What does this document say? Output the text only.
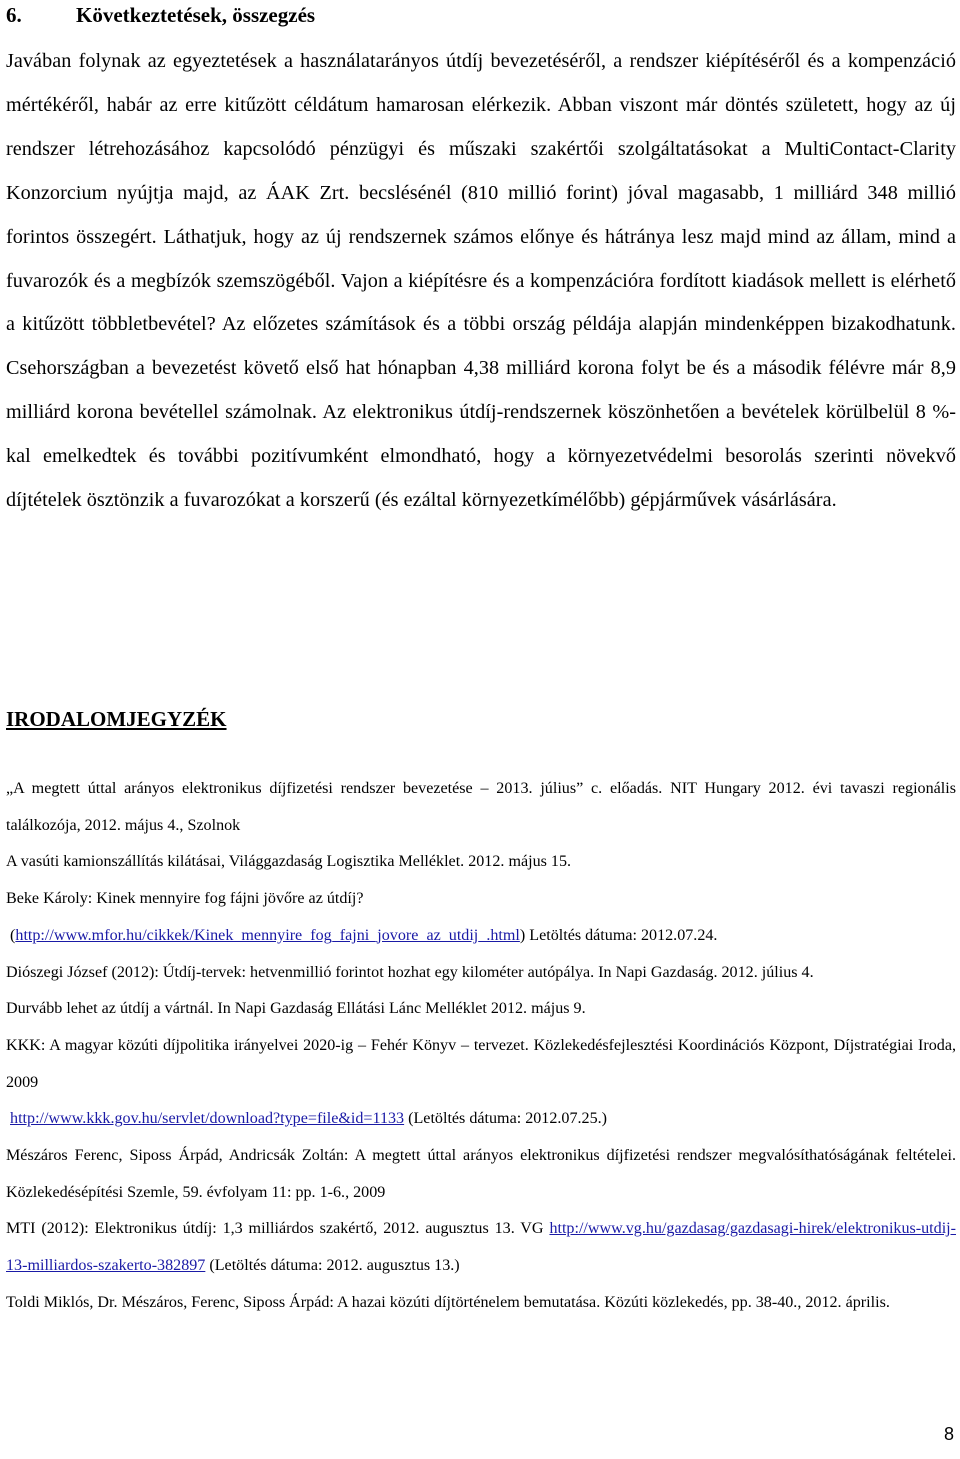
6.	Következtetések, összegzés

Javában folynak az egyeztetések a használatarányos útdíj bevezetéséről, a rendszer kiépítéséről és a kompenzáció mértékéről, habár az erre kitűzött céldátum hamarosan elérkezik. Abban viszont már döntés született, hogy az új rendszer létrehozásához kapcsolódó pénzügyi és műszaki szakértői szolgáltatásokat a MultiContact-Clarity Konzorcium nyújtja majd, az ÁAK Zrt. becslésénél (810 millió forint) jóval magasabb, 1 milliárd 348 millió forintos összegért. Láthatjuk, hogy az új rendszernek számos előnye és hátránya lesz majd mind az állam, mind a fuvarozók és a megbízók szemszögéből. Vajon a kiépítésre és a kompenzációra fordított kiadások mellett is elérhető a kitűzött többletbevétel? Az előzetes számítások és a többi ország példája alapján mindenképpen bizakodhatunk. Csehországban a bevezetést követő első hat hónapban 4,38 milliárd korona folyt be és a második félévre már 8,9 milliárd korona bevétellel számolnak. Az elektronikus útdíj-rendszernek köszönhetően a bevételek körülbelül 8 %-kal emelkedtek és további pozitívumként elmondható, hogy a környezetvédelmi besorolás szerinti növekvő díjtételek ösztönzik a fuvarozókat a korszerű (és ezáltal környezetkímélőbb) gépjárművek vásárlására.

IRODALOMJEGYZÉK

„A megtett úttal arányos elektronikus díjfizetési rendszer bevezetése – 2013. július” c. előadás. NIT Hungary 2012. évi tavaszi regionális találkozója, 2012. május 4., Szolnok

A vasúti kamionszállítás kilátásai, Világgazdaság Logisztika Melléklet. 2012. május 15.

Beke Károly: Kinek mennyire fog fájni jövőre az útdíj?

(http://www.mfor.hu/cikkek/Kinek_mennyire_fog_fajni_jovore_az_utdij_.html) Letöltés dátuma: 2012.07.24.

Diószegi József (2012): Útdíj-tervek: hetvenmillió forintot hozhat egy kilométer autópálya. In Napi Gazdaság. 2012. július 4.

Durvább lehet az útdíj a vártnál. In Napi Gazdaság Ellátási Lánc Melléklet 2012. május 9.

KKK: A magyar közúti díjpolitika irányelvei 2020-ig – Fehér Könyv – tervezet. Közlekedésfejlesztési Koordinációs Központ, Díjstratégiai Iroda, 2009

http://www.kkk.gov.hu/servlet/download?type=file&id=1133 (Letöltés dátuma: 2012.07.25.)

Mészáros Ferenc, Siposs Árpád, Andricsák Zoltán: A megtett úttal arányos elektronikus díjfizetési rendszer megvalósíthatóságának feltételei. Közlekedésépítési Szemle, 59. évfolyam 11: pp. 1-6., 2009

MTI (2012): Elektronikus útdíj: 1,3 milliárdos szakértő, 2012. augusztus 13. VG http://www.vg.hu/gazdasag/gazdasagi-hirek/elektronikus-utdij-13-milliardos-szakerto-382897 (Letöltés dátuma: 2012. augusztus 13.)

Toldi Miklós, Dr. Mészáros, Ferenc, Siposs Árpád: A hazai közúti díjtörténelem bemutatása. Közúti közlekedés, pp. 38-40., 2012. április.

8
